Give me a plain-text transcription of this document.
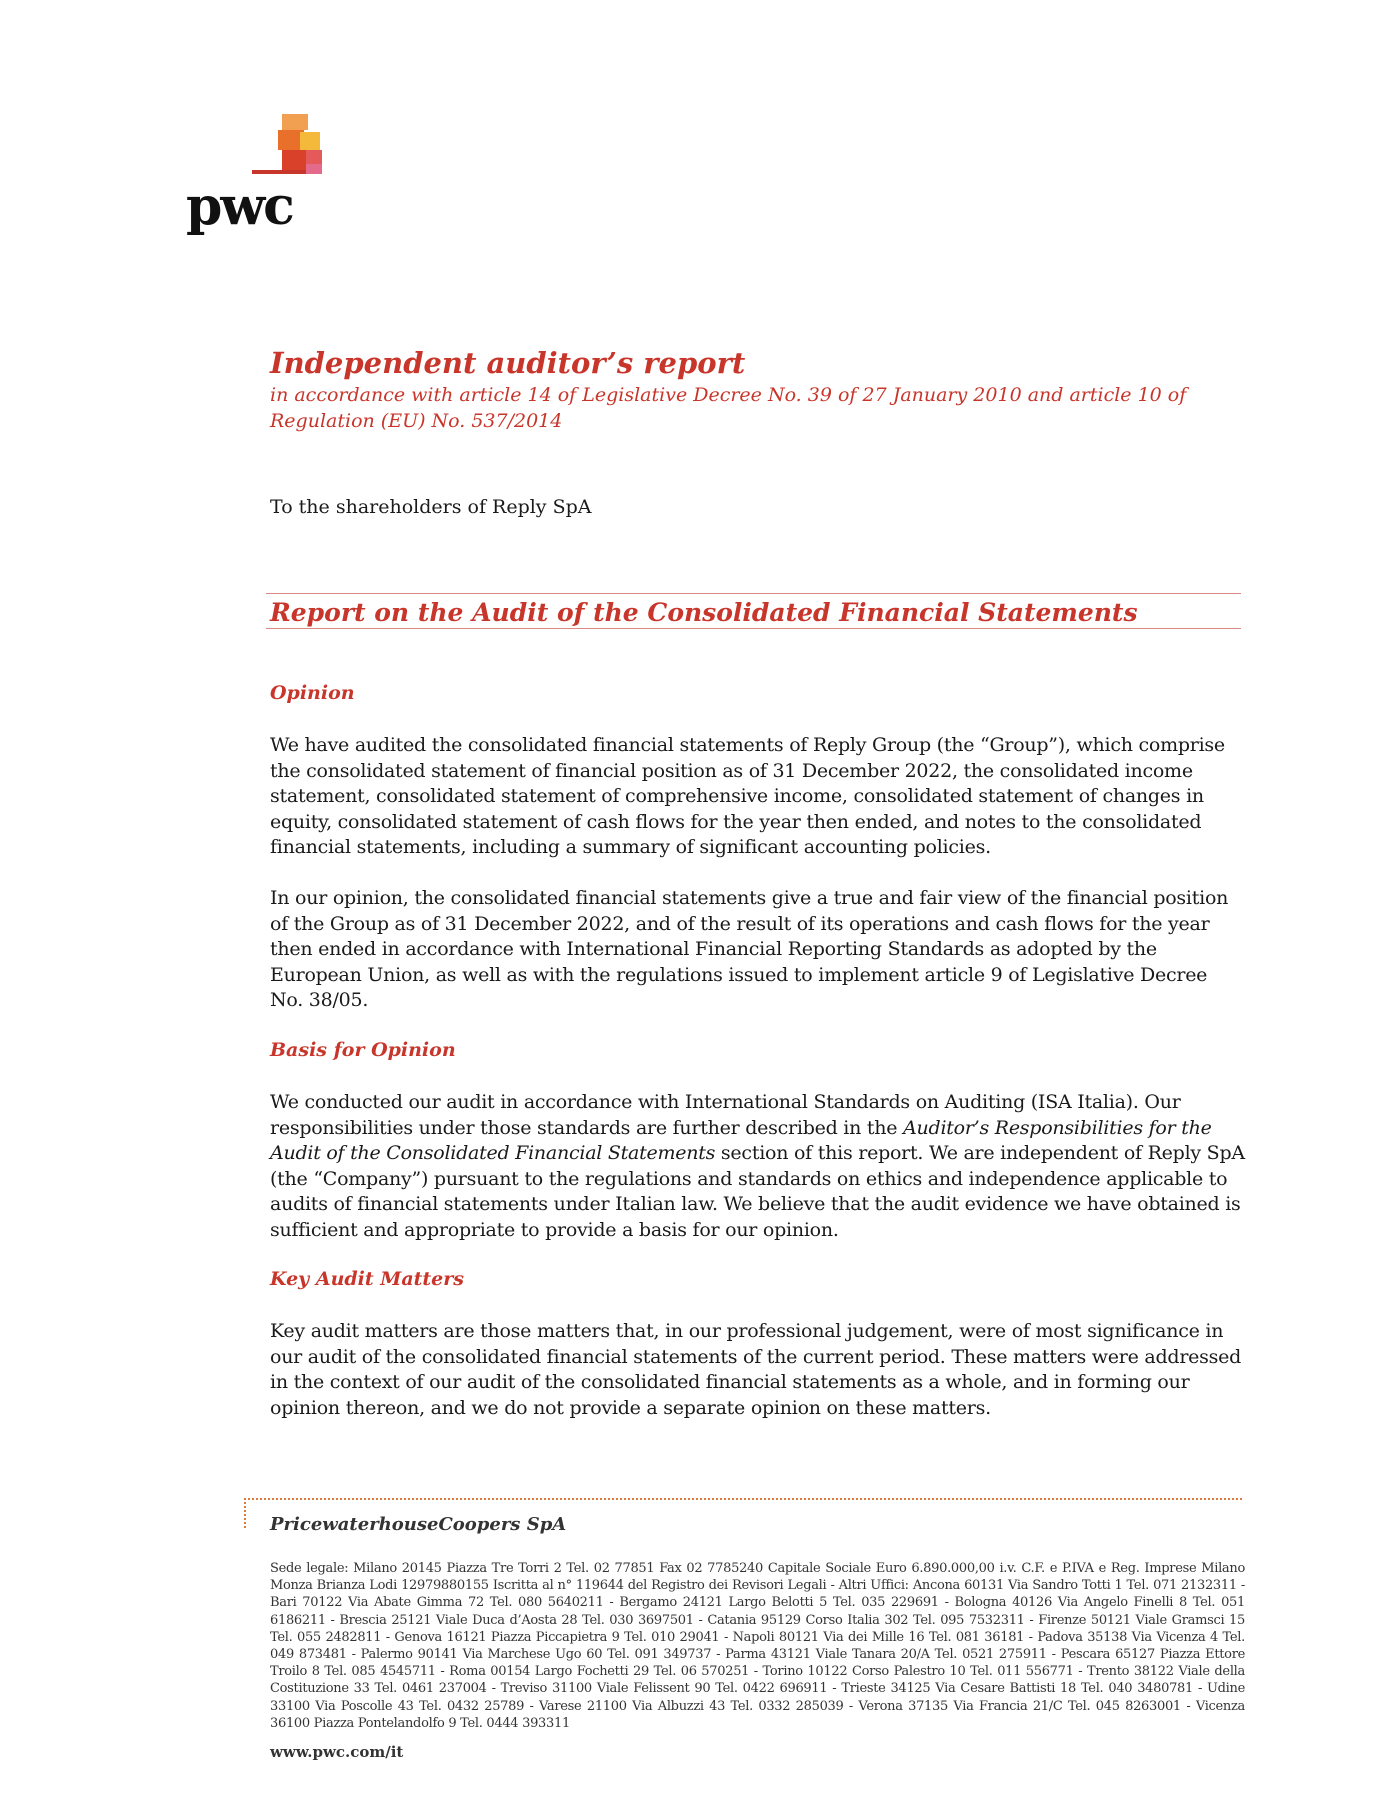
pwc
Independent auditor’s report

in accordance with article 14 of Legislative Decree No. 39 of 27 January 2010 and article 10 of Regulation (EU) No. 537/2014

To the shareholders of Reply SpA

Report on the Audit of the Consolidated Financial Statements
Opinion

We have audited the consolidated financial statements of Reply Group (the “Group”), which comprise the consolidated statement of financial position as of 31 December 2022, the consolidated income statement, consolidated statement of comprehensive income, consolidated statement of changes in equity, consolidated statement of cash flows for the year then ended, and notes to the consolidated financial statements, including a summary of significant accounting policies.

In our opinion, the consolidated financial statements give a true and fair view of the financial position of the Group as of 31 December 2022, and of the result of its operations and cash flows for the year then ended in accordance with International Financial Reporting Standards as adopted by the European Union, as well as with the regulations issued to implement article 9 of Legislative Decree No. 38/05.

Basis for Opinion

We conducted our audit in accordance with International Standards on Auditing (ISA Italia). Our responsibilities under those standards are further described in the Auditor’s Responsibilities for the Audit of the Consolidated Financial Statements section of this report. We are independent of Reply SpA (the “Company”) pursuant to the regulations and standards on ethics and independence applicable to audits of financial statements under Italian law. We believe that the audit evidence we have obtained is sufficient and appropriate to provide a basis for our opinion.

Key Audit Matters

Key audit matters are those matters that, in our professional judgement, were of most significance in our audit of the consolidated financial statements of the current period. These matters were addressed in the context of our audit of the consolidated financial statements as a whole, and in forming our opinion thereon, and we do not provide a separate opinion on these matters.

PricewaterhouseCoopers SpA

Sede legale: Milano 20145 Piazza Tre Torri 2 Tel. 02 77851 Fax 02 7785240 Capitale Sociale Euro 6.890.000,00 i.v. C.F. e P.IVA e Reg. Imprese Milano Monza Brianza Lodi 12979880155 Iscritta al n° 119644 del Registro dei Revisori Legali - Altri Uffici: Ancona 60131 Via Sandro Totti 1 Tel. 071 2132311 - Bari 70122 Via Abate Gimma 72 Tel. 080 5640211 - Bergamo 24121 Largo Belotti 5 Tel. 035 229691 - Bologna 40126 Via Angelo Finelli 8 Tel. 051 6186211 - Brescia 25121 Viale Duca d’Aosta 28 Tel. 030 3697501 - Catania 95129 Corso Italia 302 Tel. 095 7532311 - Firenze 50121 Viale Gramsci 15 Tel. 055 2482811 - Genova 16121 Piazza Piccapietra 9 Tel. 010 29041 - Napoli 80121 Via dei Mille 16 Tel. 081 36181 - Padova 35138 Via Vicenza 4 Tel. 049 873481 - Palermo 90141 Via Marchese Ugo 60 Tel. 091 349737 - Parma 43121 Viale Tanara 20/A Tel. 0521 275911 - Pescara 65127 Piazza Ettore Troilo 8 Tel. 085 4545711 - Roma 00154 Largo Fochetti 29 Tel. 06 570251 - Torino 10122 Corso Palestro 10 Tel. 011 556771 - Trento 38122 Viale della Costituzione 33 Tel. 0461 237004 - Treviso 31100 Viale Felissent 90 Tel. 0422 696911 - Trieste 34125 Via Cesare Battisti 18 Tel. 040 3480781 - Udine 33100 Via Poscolle 43 Tel. 0432 25789 - Varese 21100 Via Albuzzi 43 Tel. 0332 285039 - Verona 37135 Via Francia 21/C Tel. 045 8263001 - Vicenza 36100 Piazza Pontelandolfo 9 Tel. 0444 393311

www.pwc.com/it
